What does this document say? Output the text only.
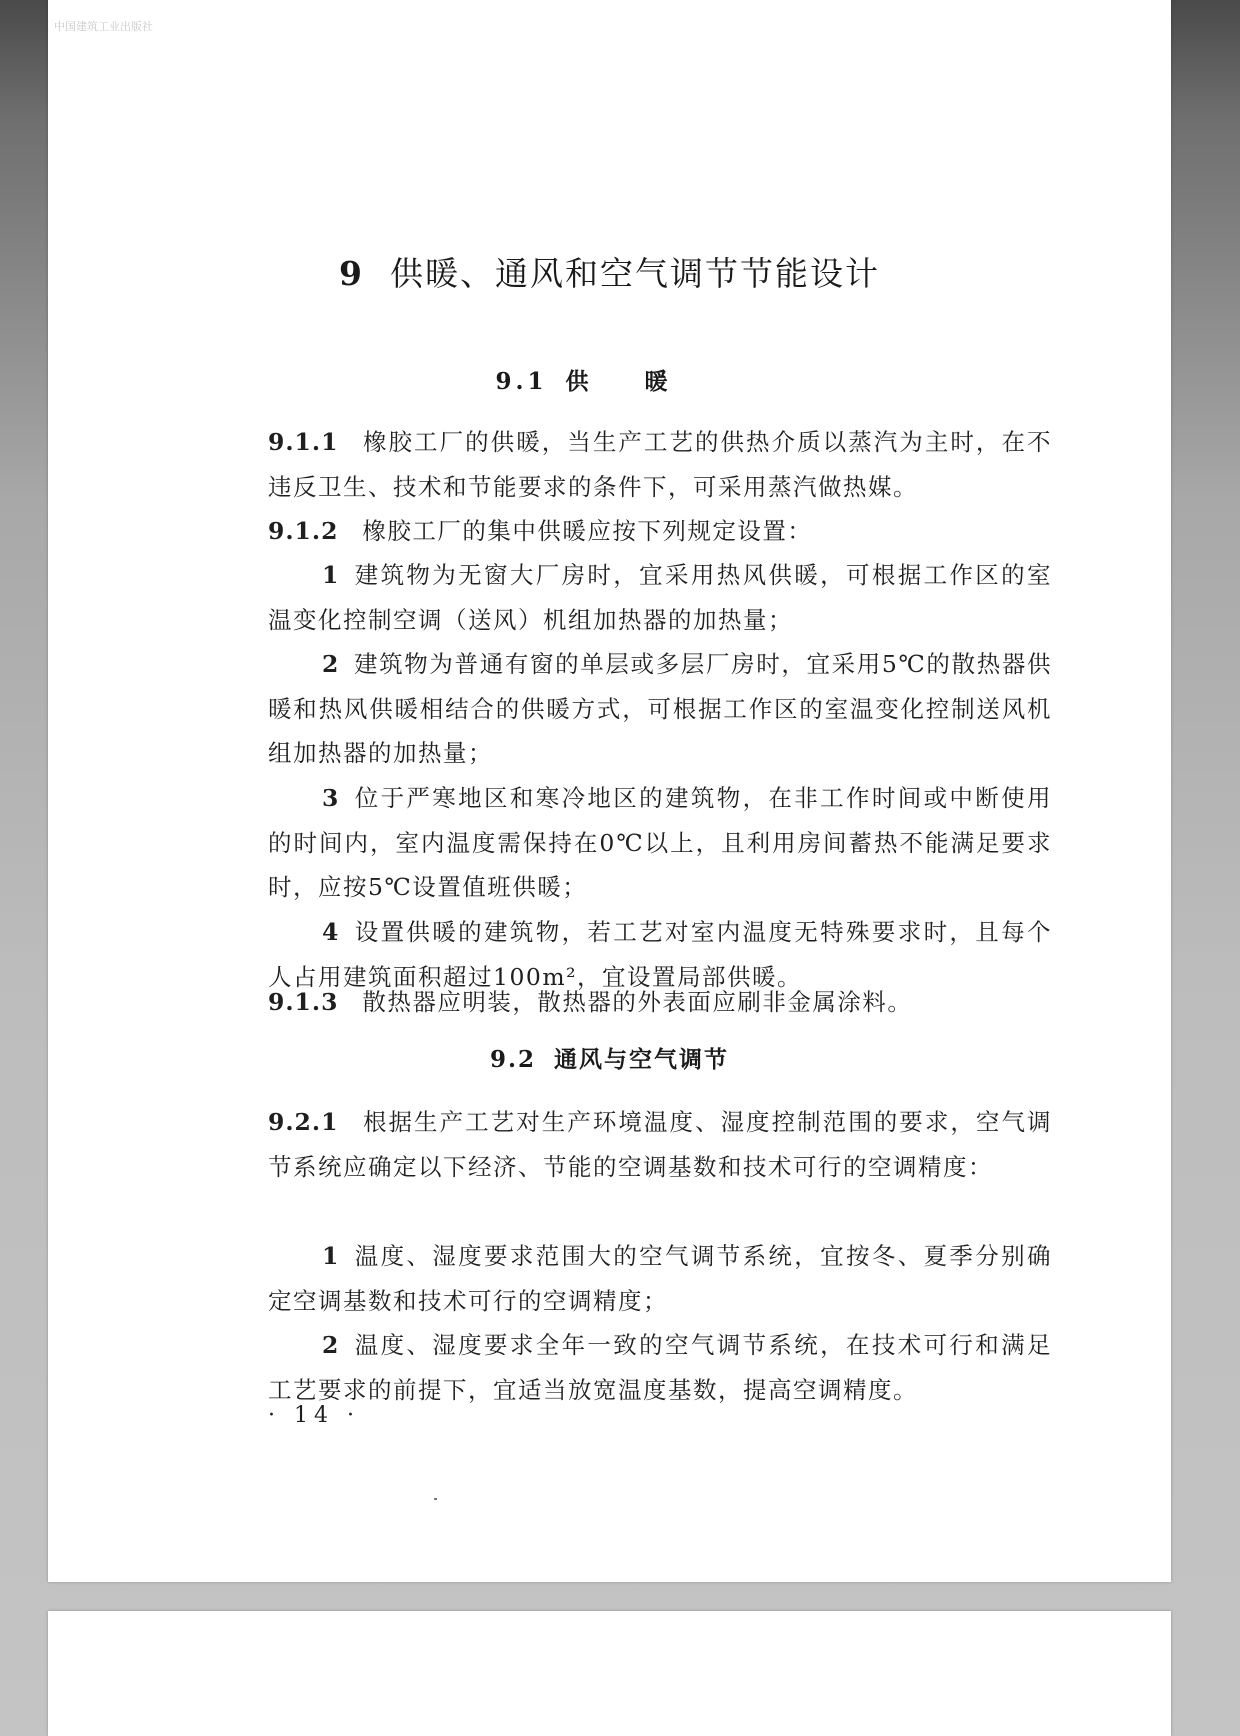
中国建筑工业出版社
9 供暖、通风和空气调节节能设计
9.1 供暖
9.1.1 橡胶工厂的供暖，当生产工艺的供热介质以蒸汽为主时，在不违反卫生、技术和节能要求的条件下，可采用蒸汽做热媒。
9.1.2 橡胶工厂的集中供暖应按下列规定设置：
1 建筑物为无窗大厂房时，宜采用热风供暖，可根据工作区的室温变化控制空调（送风）机组加热器的加热量；
2 建筑物为普通有窗的单层或多层厂房时，宜采用5℃的散热器供暖和热风供暖相结合的供暖方式，可根据工作区的室温变化控制送风机组加热器的加热量；
3 位于严寒地区和寒冷地区的建筑物，在非工作时间或中断使用的时间内，室内温度需保持在0℃以上，且利用房间蓄热不能满足要求时，应按5℃设置值班供暖；
4 设置供暖的建筑物，若工艺对室内温度无特殊要求时，且每个人占用建筑面积超过100m²，宜设置局部供暖。
9.1.3 散热器应明装，散热器的外表面应刷非金属涂料。
9.2 通风与空气调节
9.2.1 根据生产工艺对生产环境温度、湿度控制范围的要求，空气调节系统应确定以下经济、节能的空调基数和技术可行的空调精度：
1 温度、湿度要求范围大的空气调节系统，宜按冬、夏季分别确定空调基数和技术可行的空调精度；
2 温度、湿度要求全年一致的空气调节系统，在技术可行和满足工艺要求的前提下，宜适当放宽温度基数，提高空调精度。
· 14 ·
